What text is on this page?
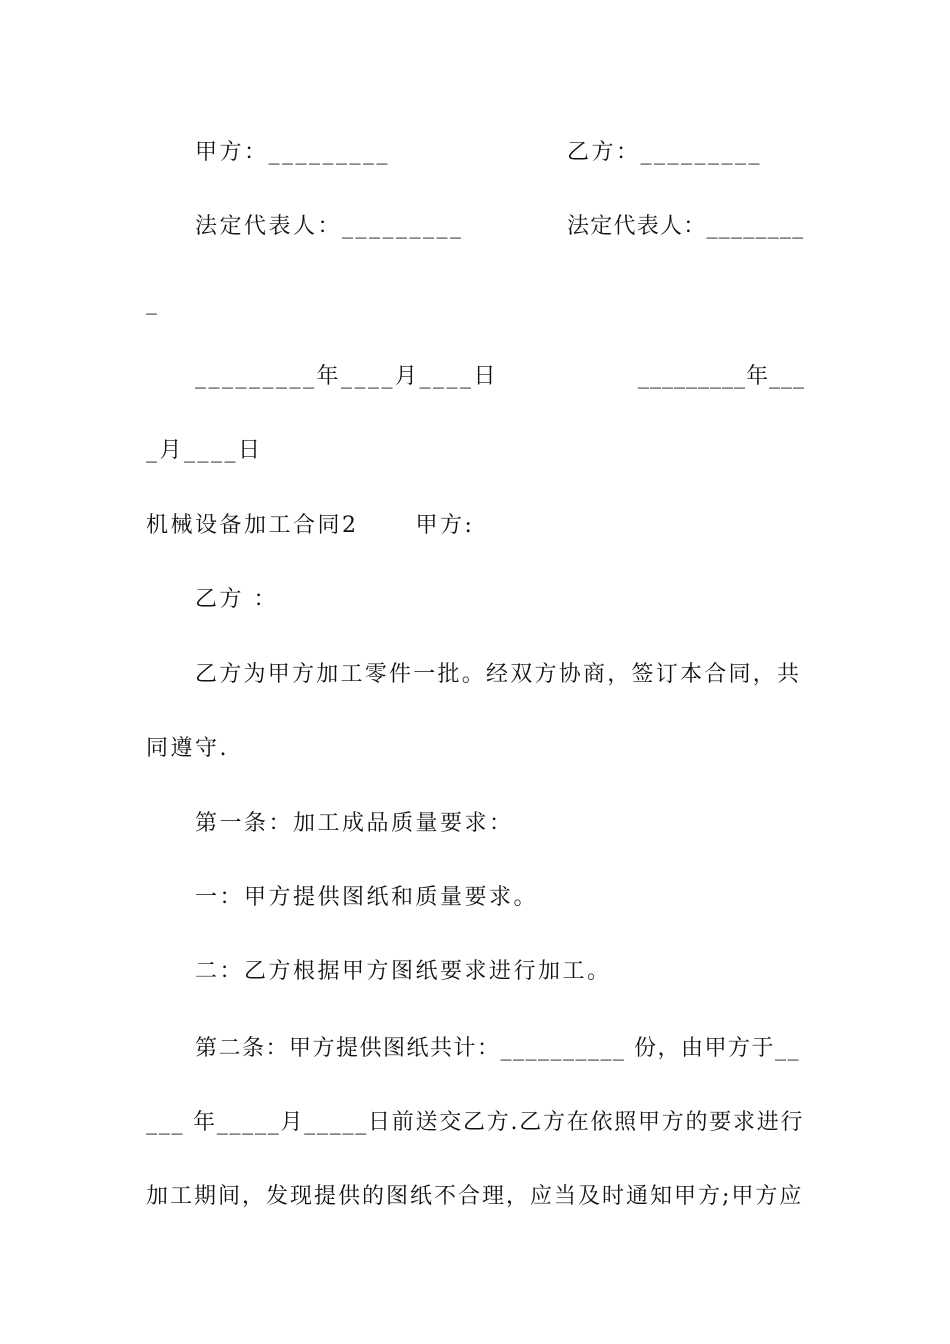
甲方：_________	乙方：_________
法定代表人：_________	法定代表人：________
_
_________年____月____日	_________年___
_月____日
机械设备加工合同2      甲方:
乙方 ：
乙方为甲方加工零件一批。经双方协商，签订本合同，共
同遵守.
第一条：加工成品质量要求：
一：甲方提供图纸和质量要求。
二：乙方根据甲方图纸要求进行加工。
第二条：甲方提供图纸共计：__________ 份，由甲方于__
___ 年_____月_____日前送交乙方.乙方在依照甲方的要求进行
加工期间，发现提供的图纸不合理，应当及时通知甲方;甲方应
